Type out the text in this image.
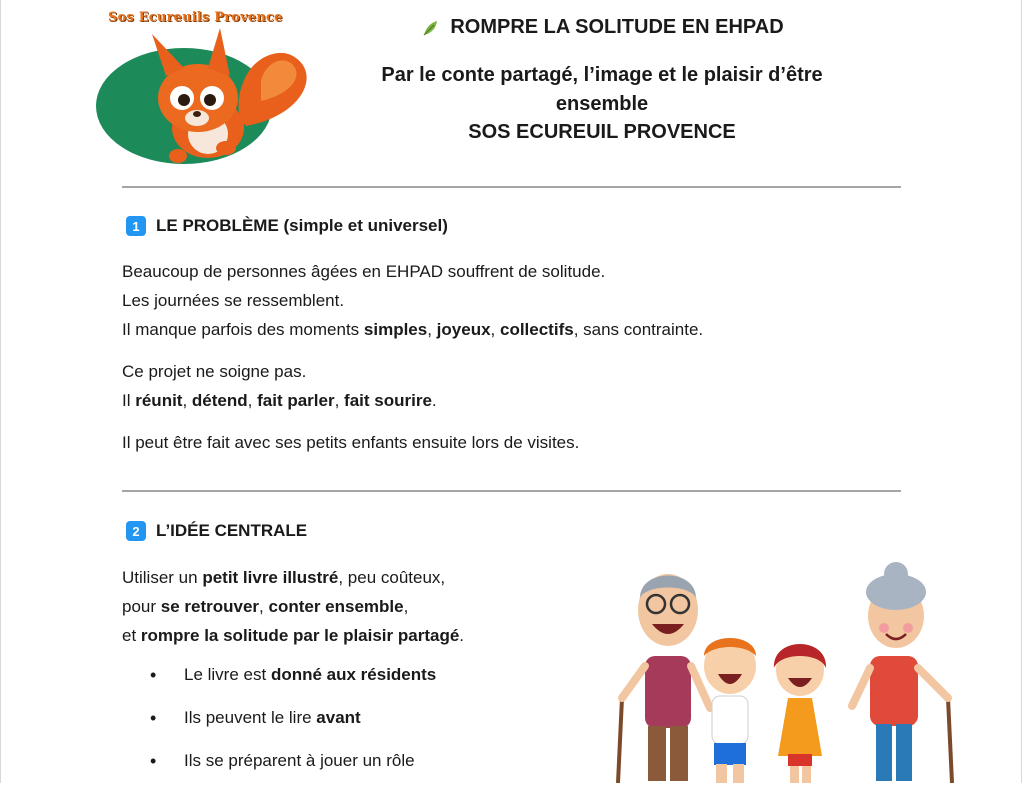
Sos Ecureuils Provence	ROMPRE LA SOLITUDE EN EHPAD

Par le conte partagé, l’image et le plaisir d’être
ensemble

SOS ECUREUIL PROVENCE

1 LE PROBLÈME (simple et universel)

Beaucoup de personnes âgées en EHPAD souffrent de solitude.
Les journées se ressemblent.
Il manque parfois des moments simples, joyeux, collectifs, sans contrainte.

Ce projet ne soigne pas.
Il réunit, détend, fait parler, fait sourire.

Il peut être fait avec ses petits enfants ensuite lors de visites.

2 L’IDÉE CENTRALE

Utiliser un petit livre illustré, peu coûteux,
pour se retrouver, conter ensemble,
et rompre la solitude par le plaisir partagé.

•	Le livre est donné aux résidents
•	Ils peuvent le lire avant
•	Ils se préparent à jouer un rôle
